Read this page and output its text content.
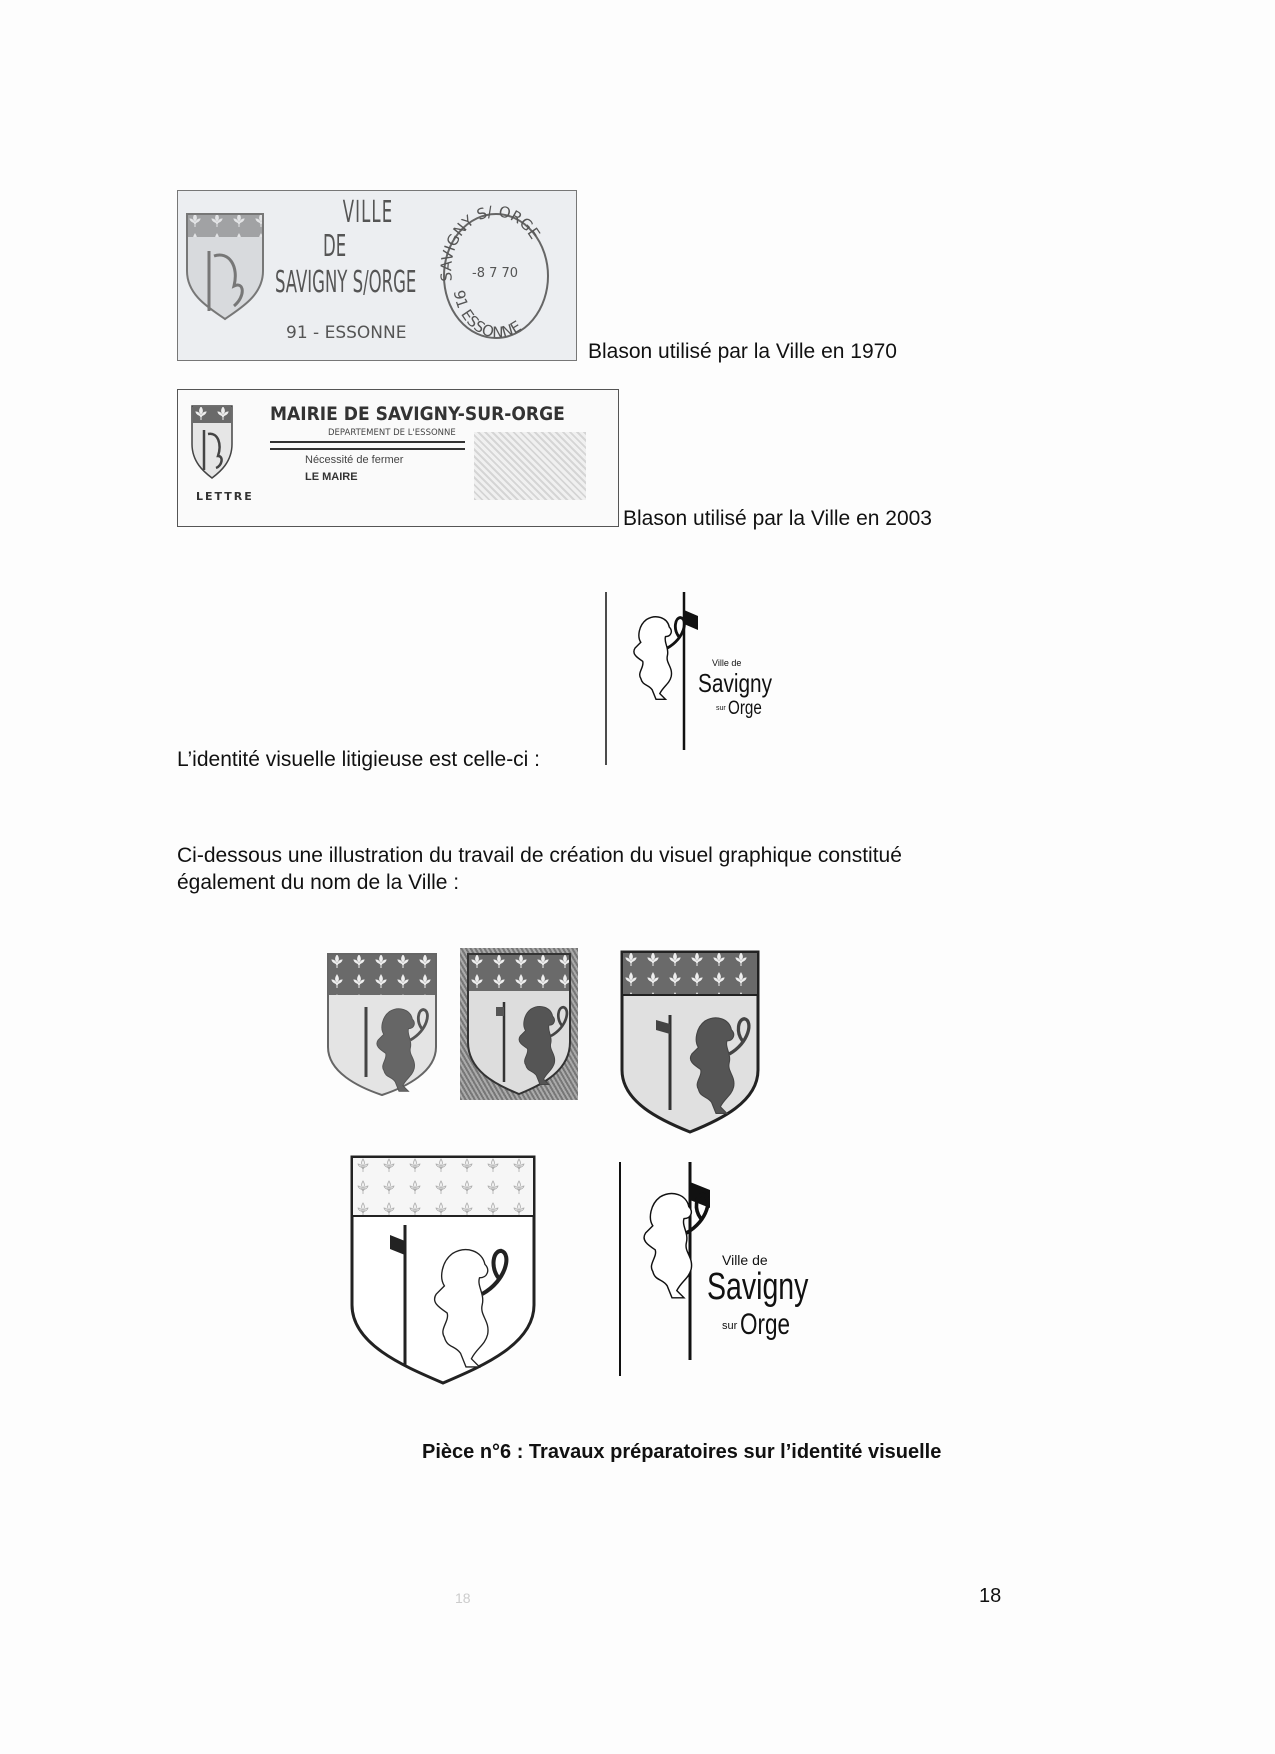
VILLE
DE
SAVIGNY S/ORGE
91 - ESSONNE
SAVIGNY S/ ORGE
91 ESSONNE
-8 7 70
Blason utilisé par la Ville en 1970
LETTRE
MAIRIE DE SAVIGNY-SUR-ORGE
DEPARTEMENT DE L'ESSONNE
Nécessité de fermer
LE MAIRE
Blason utilisé par la Ville en 2003
L’identité visuelle litigieuse est celle-ci :
Ville de
Savigny
sur Orge
Ci-dessous une illustration du travail de création du visuel graphique constitué
également du nom de la Ville :
Ville de
Savigny
sur Orge
Pièce n°6 : Travaux préparatoires sur l’identité visuelle
18	18
